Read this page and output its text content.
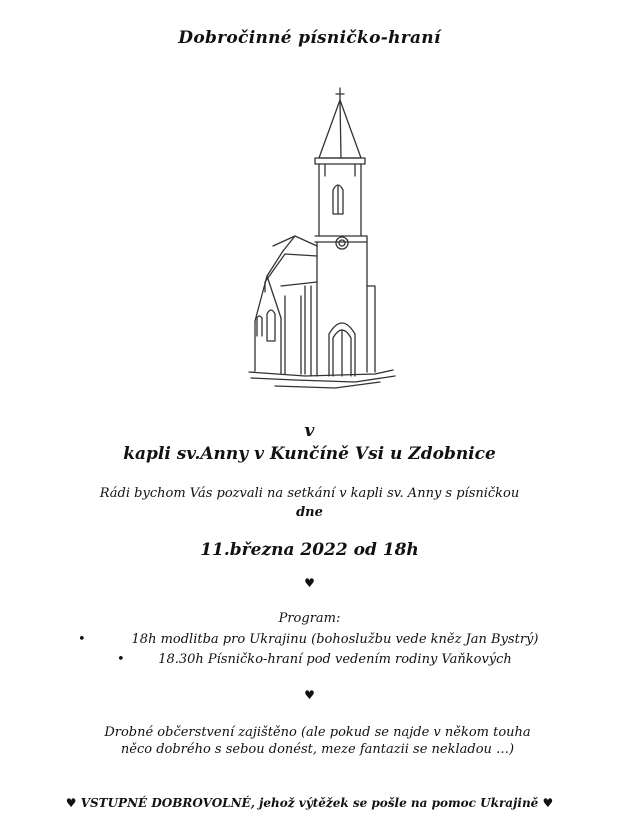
Dobročinné písničko-hraní
v
kapli sv.Anny v Kunčíně Vsi u Zdobnice
Rádi bychom Vás pozvali na setkání v kapli sv. Anny s písničkou
dne
11.března 2022 od 18h
♥
Program:
•	18h modlitba pro Ukrajinu (bohoslužbu vede kněz Jan Bystrý)
•	18.30h Písničko-hraní pod vedením rodiny Vaňkových
♥
Drobné občerstvení zajištěno (ale pokud se najde v někom touha
něco dobrého s sebou donést, meze fantazii se nekladou …)
♥ VSTUPNÉ DOBROVOLNÉ, jehož výtěžek se pošle na pomoc Ukrajině ♥
